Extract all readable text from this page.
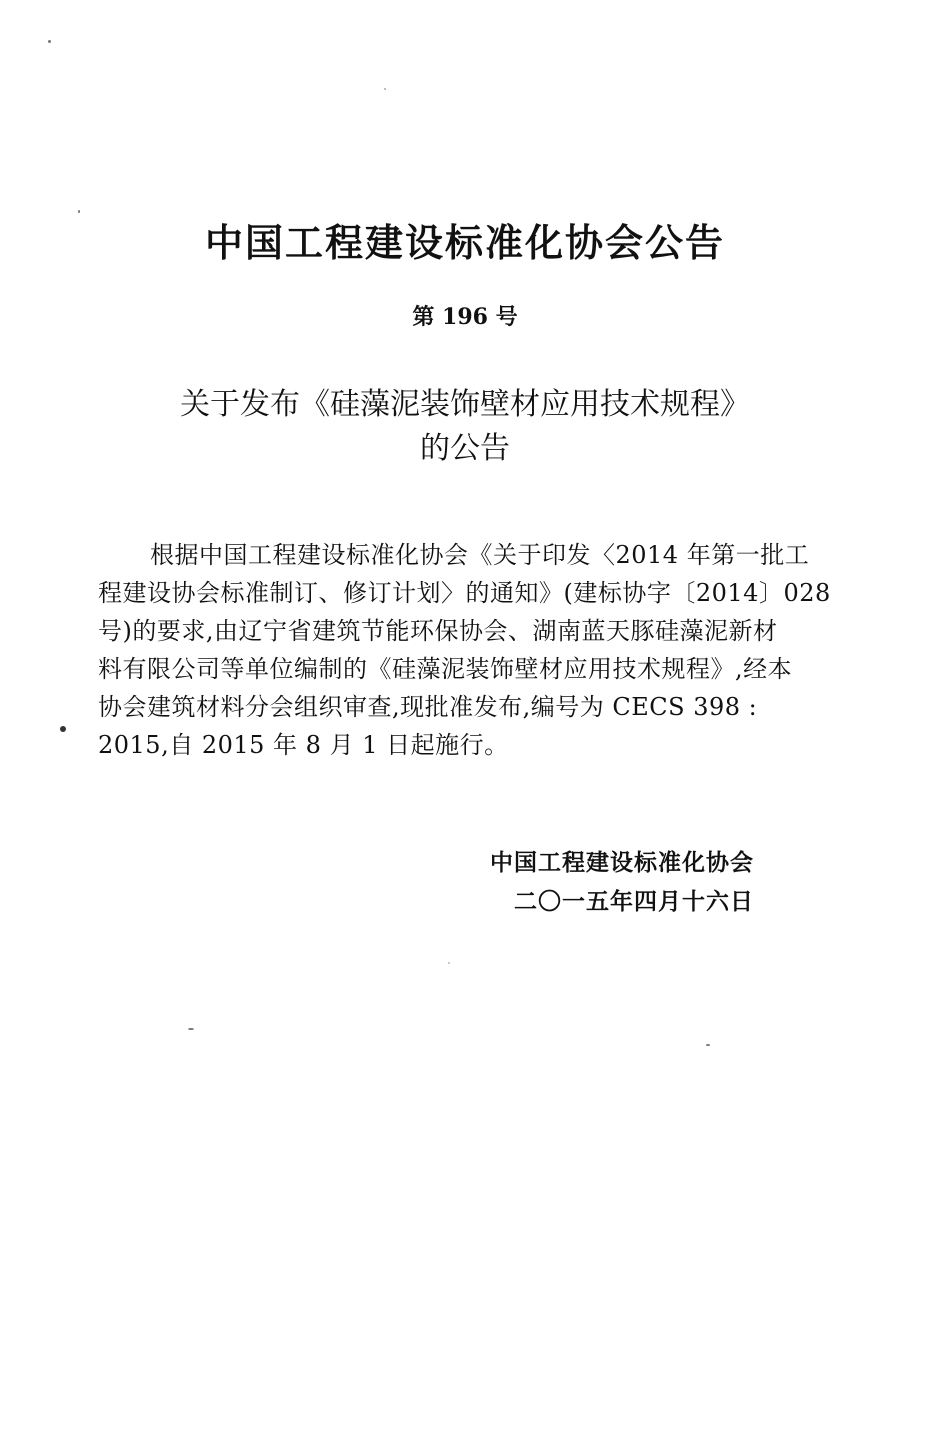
中国工程建设标准化协会公告
第 196 号
关于发布《硅藻泥装饰壁材应用技术规程》
的公告
根据中国工程建设标准化协会《关于印发〈2014 年第一批工
程建设协会标准制订、修订计划〉的通知》(建标协字〔2014〕028
号)的要求,由辽宁省建筑节能环保协会、湖南蓝天豚硅藻泥新材
料有限公司等单位编制的《硅藻泥装饰壁材应用技术规程》,经本
协会建筑材料分会组织审查,现批准发布,编号为 CECS 398 :
2015,自 2015 年 8 月 1 日起施行。
中国工程建设标准化协会
二〇一五年四月十六日
